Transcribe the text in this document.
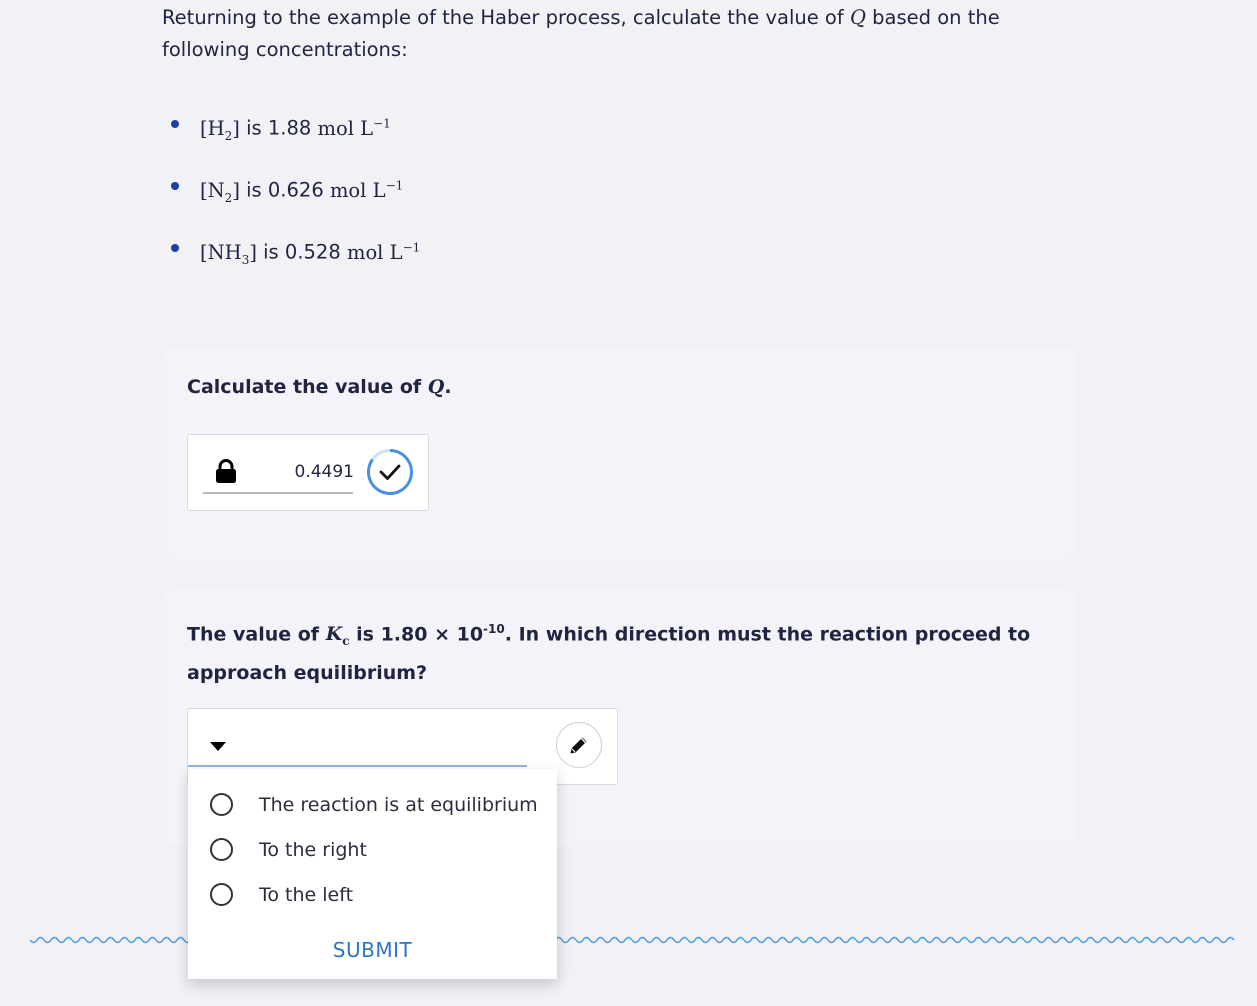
Returning to the example of the Haber process, calculate the value of Q based on the following concentrations:

$[H_2]$ is 1.88 mol $L^{-1}$
$[N_2]$ is 0.626 mol $L^{-1}$
$[NH_3]$ is 0.528 mol $L^{-1}$
Calculate the value of Q.
0.4491
The value of $K_c$ is $1.80 \times 10^{-10}$. In which direction must the reaction proceed to approach equilibrium?
The reaction is at equilibrium
To the right
To the left
SUBMIT
